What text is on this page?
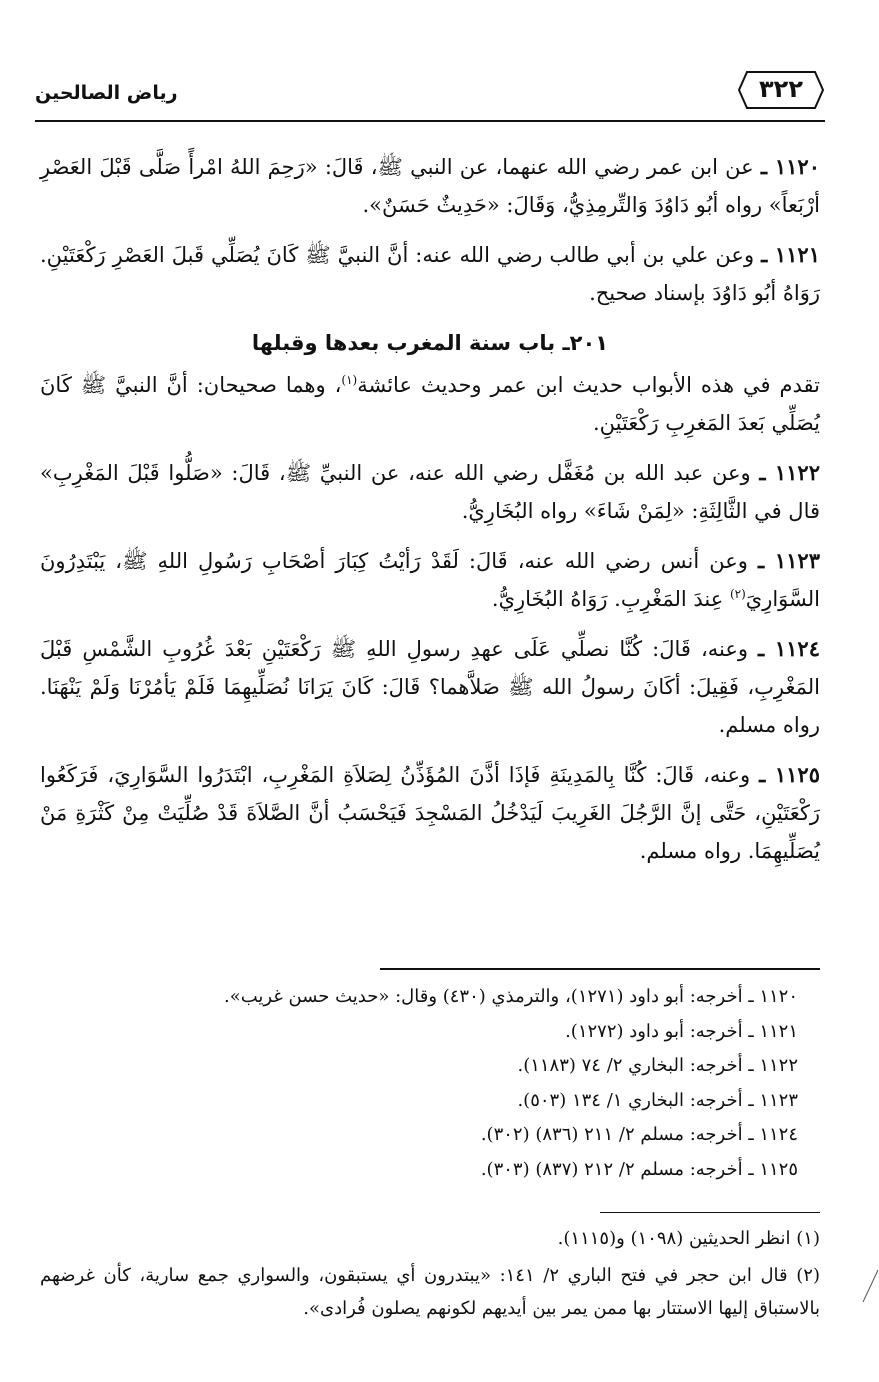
رياض الصالحين	٣٢٢

١١٢٠ ـ عن ابن عمر رضي الله عنهما، عن النبي ﷺ، قَالَ: «رَحِمَ اللهُ امْرأً صَلَّى قَبْلَ العَصْرِ أرْبَعاً» رواه أبُو دَاوُدَ وَالتِّرمِذِيُّ، وَقَالَ: «حَدِيثٌ حَسَنٌ».

١١٢١ ـ وعن علي بن أبي طالب رضي الله عنه: أنَّ النبيَّ ﷺ كَانَ يُصَلِّي قَبلَ العَصْرِ رَكْعَتَيْنِ. رَوَاهُ أبُو دَاوُدَ بإسناد صحيح.

٢٠١ـ باب سنة المغرب بعدها وقبلها

تقدم في هذه الأبواب حديث ابن عمر وحديث عائشة$^{(١)}$، وهما صحيحان: أنَّ النبيَّ ﷺ كَانَ يُصَلِّي بَعدَ المَغرِبِ رَكْعَتَيْنِ.

١١٢٢ ـ وعن عبد الله بن مُغَفَّل رضي الله عنه، عن النبيِّ ﷺ، قَالَ: «صَلُّوا قَبْلَ المَغْرِبِ» قال في الثَّالِثَةِ: «لِمَنْ شَاءَ» رواه البُخَارِيُّ.

١١٢٣ ـ وعن أنس رضي الله عنه، قَالَ: لَقَدْ رَأيْتُ كِبَارَ أصْحَابِ رَسُولِ اللهِ ﷺ، يَبْتَدِرُونَ السَّوَارِيَ$^{(٢)}$ عِندَ المَغْرِبِ. رَوَاهُ البُخَارِيُّ.

١١٢٤ ـ وعنه، قَالَ: كُنَّا نصلِّي عَلَى عهدِ رسولِ اللهِ ﷺ رَكْعَتَيْنِ بَعْدَ غُرُوبِ الشَّمْسِ قَبْلَ المَغْرِبِ، فَقِيلَ: أكَانَ رسولُ الله ﷺ صَلاَّهما؟ قَالَ: كَانَ يَرَانَا نُصَلِّيهِمَا فَلَمْ يَأمُرْنَا وَلَمْ يَنْهَنَا. رواه مسلم.

١١٢٥ ـ وعنه، قَالَ: كُنَّا بِالمَدِينَةِ فَإذَا أذَّنَ المُؤَذِّنُ لِصَلاَةِ المَغْرِبِ، ابْتَدَرُوا السَّوَارِيَ، فَرَكَعُوا رَكْعَتَيْنِ، حَتَّى إنَّ الرَّجُلَ الغَرِيبَ لَيَدْخُلُ المَسْجِدَ فَيَحْسَبُ أنَّ الصَّلاَةَ قَدْ صُلِّيَتْ مِنْ كَثْرَةِ مَنْ يُصَلِّيهِمَا. رواه مسلم.

١١٢٠ ـ أخرجه: أبو داود (١٢٧١)، والترمذي (٤٣٠) وقال: «حديث حسن غريب».
١١٢١ ـ أخرجه: أبو داود (١٢٧٢).
١١٢٢ ـ أخرجه: البخاري ٢/ ٧٤ (١١٨٣).
١١٢٣ ـ أخرجه: البخاري ١/ ١٣٤ (٥٠٣).
١١٢٤ ـ أخرجه: مسلم ٢/ ٢١١ (٨٣٦) (٣٠٢).
١١٢٥ ـ أخرجه: مسلم ٢/ ٢١٢ (٨٣٧) (٣٠٣).

(١) انظر الحديثين (١٠٩٨) و(١١١٥).

(٢) قال ابن حجر في فتح الباري ٢/ ١٤١: «يبتدرون أي يستبقون، والسواري جمع سارية، كأن غرضهم بالاستباق إليها الاستتار بها ممن يمر بين أيديهم لكونهم يصلون فُرادى».
